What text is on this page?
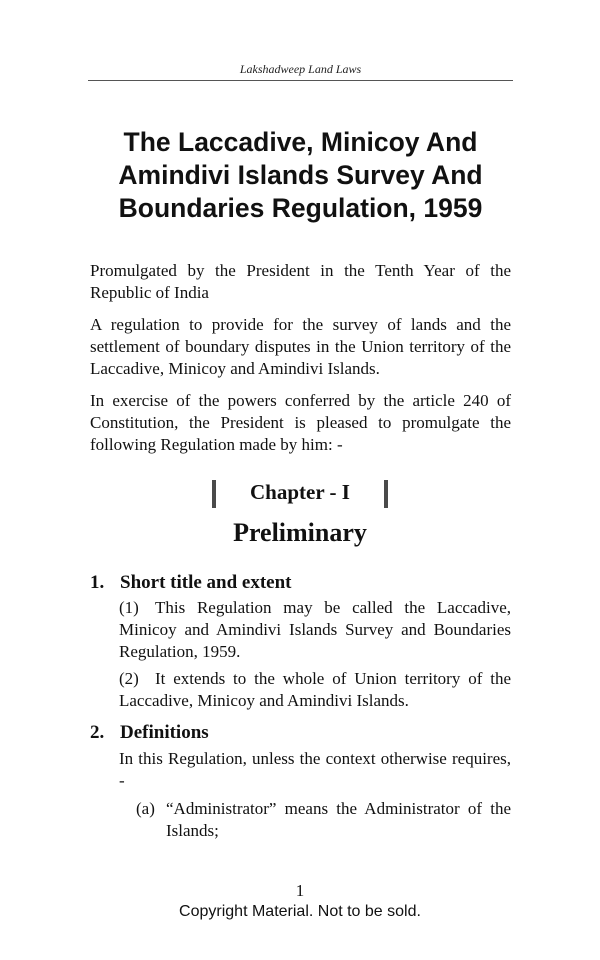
Lakshadweep Land Laws
The Laccadive, Minicoy And
Amindivi Islands Survey And
Boundaries Regulation, 1959
Promulgated by the President in the Tenth Year of the Republic of India
A regulation to provide for the survey of lands and the settlement of boundary disputes in the Union territory of the Laccadive, Minicoy and Amindivi Islands.
In exercise of the powers conferred by the article 240 of Constitution, the President is pleased to promulgate the following Regulation made by him: -
Chapter - I
Preliminary
1. Short title and extent
(1) This Regulation may be called the Laccadive, Minicoy and Amindivi Islands Survey and Boundaries Regulation, 1959.
(2) It extends to the whole of Union territory of the Laccadive, Minicoy and Amindivi Islands.
2. Definitions
In this Regulation, unless the context otherwise requires, -
(a) “Administrator” means the Administrator of the Islands;
1
Copyright Material. Not to be sold.
